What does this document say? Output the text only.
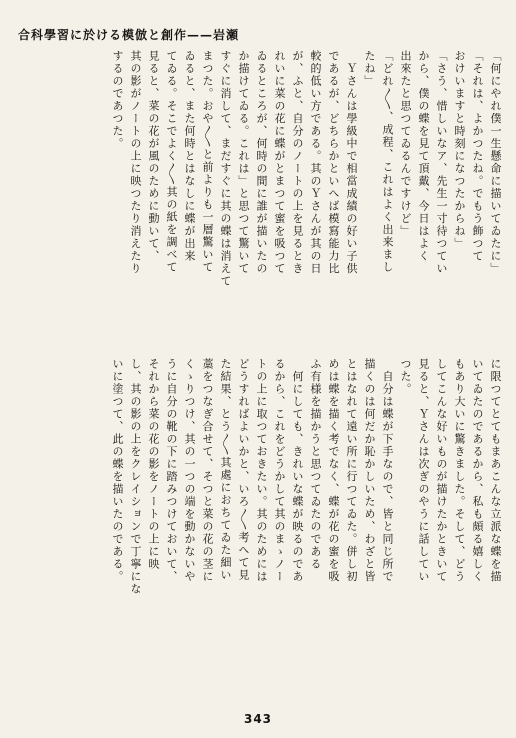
合科學習に於ける模倣と創作——岩瀬
「何にやれ僕一生懸命に描いてゐたに」
「それは、よかつたね。でもう飾つて
おけいますと時刻になつたからね」
「さう、惜しいなア、先生一寸待つてい
から、僕の蝶を見て頂戴、今日はよく
出來たと思つてゐるんですけど」
「どれ〳〵、成程、これはよく出来まし
たね」
　Ｙさんは學級中で相當成績の好い子供
であるが、どちらかといへば模寫能力比
較的低い方である。其のＹさんが其の日
が、ふと、自分のノートの上を見るとき
れいに菜の花に蝶がとまつて蜜を吸つて
ゐるところが、何時の間に誰が描いたの
か描けてゐる。これは」と思つて驚いて
すぐに消して、まだすぐに其の蝶は消えて
まつた。おや〳〵と前よりも一層驚いて
ゐると、また何時とはなしに蝶が出来
てゐる。そこでよく〳〵其の紙を調べて
見ると、菜の花が風のために動いて、
其の影がノートの上に映つたり消えたり
するのであつた。
に限つてとてもまあこんな立派な蝶を描
いてゐたのであるから、私も頗る嬉しく
もあり大いに驚きました。そして、どう
してこんな好いものが描けたかときいて
見ると、Ｙさんは次ぎのやうに話してい
つた。
　自分は蝶が下手なので、皆と同じ所で
描くのは何だか恥かしいため、わざと皆
とはなれて遠い所に行つてゐた。併し初
めは蝶を描く考でなく、蝶が花の蜜を吸
ふ有様を描かうと思つてゐたのである
　何にしても、きれいな蝶が映るのであ
るから、これをどうかして其のまゝノー
トの上に取つておきたい。其のためには
どうすればよいかと、いろ〳〵考へて見
た結果、とう〳〵其處におちてゐた細い
藁をつなぎ合せて、そつと菜の花の茎に
くゝりつけ、其の一つの端を動かないや
うに自分の靴の下に踏みつけておいて、
それから菜の花の影をノートの上に映
し、其の影の上をクレイションで丁寧にな
いに塗つて、此の蝶を描いたのである。
343
